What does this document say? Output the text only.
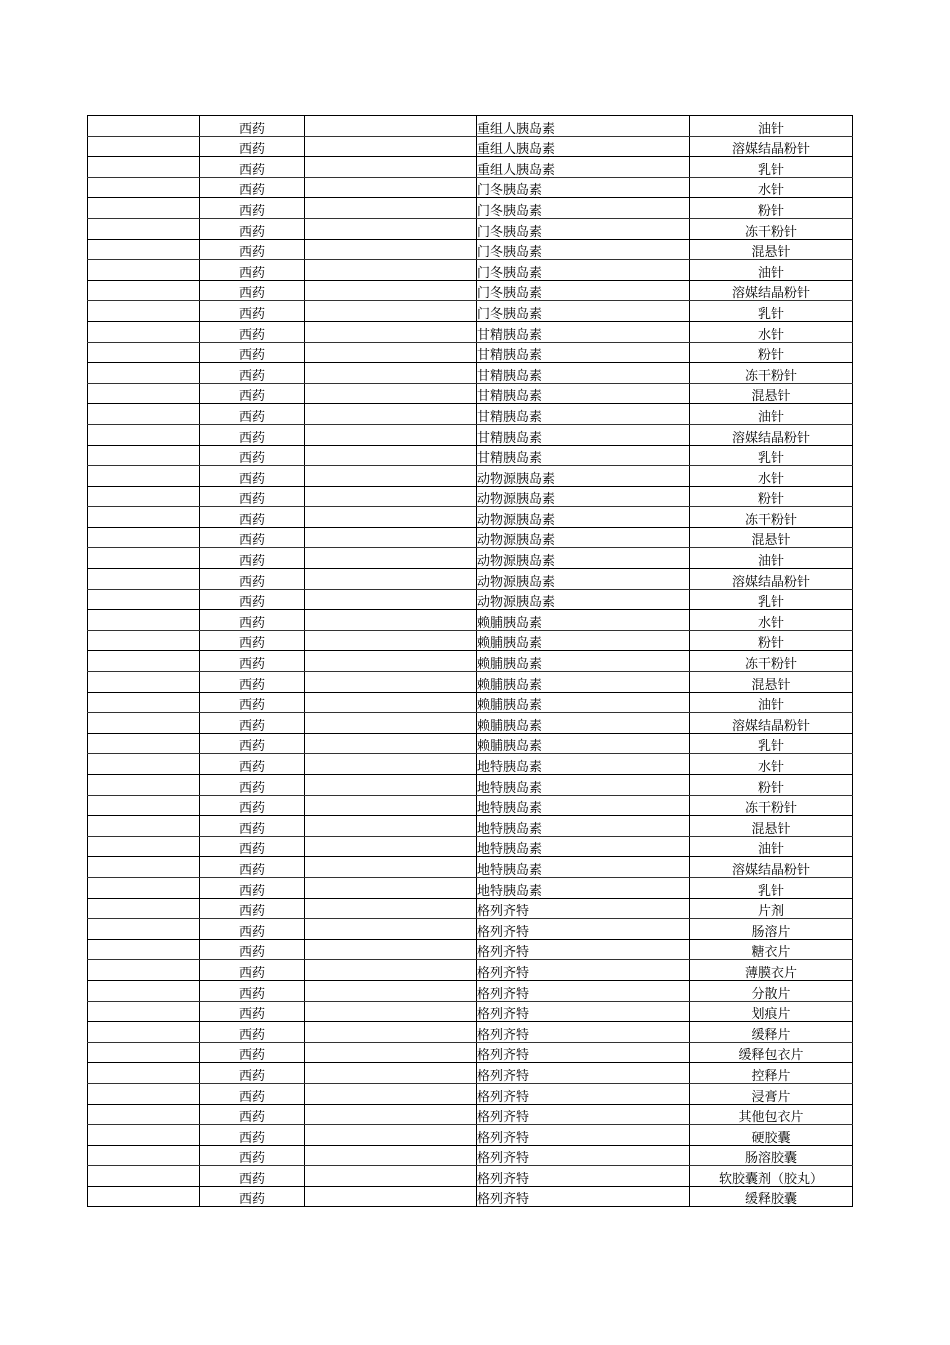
	西药		重组人胰岛素	油针
	西药		重组人胰岛素	溶媒结晶粉针
	西药		重组人胰岛素	乳针
	西药		门冬胰岛素	水针
	西药		门冬胰岛素	粉针
	西药		门冬胰岛素	冻干粉针
	西药		门冬胰岛素	混悬针
	西药		门冬胰岛素	油针
	西药		门冬胰岛素	溶媒结晶粉针
	西药		门冬胰岛素	乳针
	西药		甘精胰岛素	水针
	西药		甘精胰岛素	粉针
	西药		甘精胰岛素	冻干粉针
	西药		甘精胰岛素	混悬针
	西药		甘精胰岛素	油针
	西药		甘精胰岛素	溶媒结晶粉针
	西药		甘精胰岛素	乳针
	西药		动物源胰岛素	水针
	西药		动物源胰岛素	粉针
	西药		动物源胰岛素	冻干粉针
	西药		动物源胰岛素	混悬针
	西药		动物源胰岛素	油针
	西药		动物源胰岛素	溶媒结晶粉针
	西药		动物源胰岛素	乳针
	西药		赖脯胰岛素	水针
	西药		赖脯胰岛素	粉针
	西药		赖脯胰岛素	冻干粉针
	西药		赖脯胰岛素	混悬针
	西药		赖脯胰岛素	油针
	西药		赖脯胰岛素	溶媒结晶粉针
	西药		赖脯胰岛素	乳针
	西药		地特胰岛素	水针
	西药		地特胰岛素	粉针
	西药		地特胰岛素	冻干粉针
	西药		地特胰岛素	混悬针
	西药		地特胰岛素	油针
	西药		地特胰岛素	溶媒结晶粉针
	西药		地特胰岛素	乳针
	西药		格列齐特	片剂
	西药		格列齐特	肠溶片
	西药		格列齐特	糖衣片
	西药		格列齐特	薄膜衣片
	西药		格列齐特	分散片
	西药		格列齐特	划痕片
	西药		格列齐特	缓释片
	西药		格列齐特	缓释包衣片
	西药		格列齐特	控释片
	西药		格列齐特	浸膏片
	西药		格列齐特	其他包衣片
	西药		格列齐特	硬胶囊
	西药		格列齐特	肠溶胶囊
	西药		格列齐特	软胶囊剂（胶丸）
	西药		格列齐特	缓释胶囊
